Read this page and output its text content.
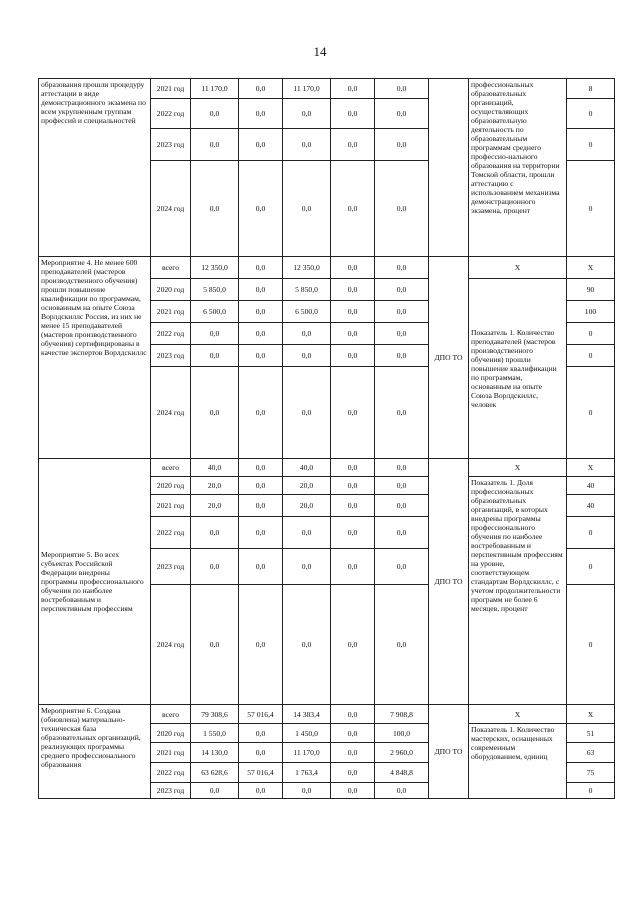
14
образования прошли процедуру аттестации в виде демонстрационного экзамена по всем укрупненным группам профессий и специальностей	2021 год	11 170,0	0,0	11 170,0	0,0	0,0		профессиональных образовательных организаций, осуществляющих образовательную деятельность по образовательным программам среднего профессио-нального образования на территории Томской области, прошли аттестацию с использованием механизма демонстрационного экзамена, процент	8
	2022 год	0,0	0,0	0,0	0,0	0,0			0
	2023 год	0,0	0,0	0,0	0,0	0,0			0
	2024 год	0,0	0,0	0,0	0,0	0,0			0
Мероприятие 4. Не менее 600 преподавателей (мастеров производственного обучения) прошли повышение квалификации по программам, основанным на опыте Союза Ворлдскиллс Россия, из них не менее 15 преподавателей (мастеров производственного обучения) сертифицированы в качестве экспертов Ворлдскиллс	всего	12 350,0	0,0	12 350,0	0,0	0,0	ДПО ТО	X	X
	2020 год	5 850,0	0,0	5 850,0	0,0	0,0		Показатель 1. Количество преподавателей (мастеров производственного обучения) прошли повышение квалификации по программам, основанным на опыте Союза Ворлдскиллс, человек	90
	2021 год	6 500,0	0,0	6 500,0	0,0	0,0			100
	2022 год	0,0	0,0	0,0	0,0	0,0			0
	2023 год	0,0	0,0	0,0	0,0	0,0			0
	2024 год	0,0	0,0	0,0	0,0	0,0			0
Мероприятие 5. Во всех субъектах Российской Федерации внедрены программы профессионального обучения по наиболее востребованным и перспективным профессиям	всего	40,0	0,0	40,0	0,0	0,0	ДПО ТО	X	X
	2020 год	20,0	0,0	20,0	0,0	0,0		Показатель 1. Доля профессиональных образовательных организаций, в которых внедрены программы профессионального обучения по наиболее востребованным и перспективным профессиям на уровне, соответствующем стандартам Ворлдскиллс, с учетом продолжительности программ не более 6 месяцев, процент	40
	2021 год	20,0	0,0	20,0	0,0	0,0			40
	2022 год	0,0	0,0	0,0	0,0	0,0			0
	2023 год	0,0	0,0	0,0	0,0	0,0			0
	2024 год	0,0	0,0	0,0	0,0	0,0			0
Мероприятие 6. Создана (обновлена) материально-техническая база образовательных организаций, реализующих программы среднего профессионального образования	всего	79 308,6	57 016,4	14 383,4	0,0	7 908,8	ДПО ТО	X	X
	2020 год	1 550,0	0,0	1 450,0	0,0	100,0		Показатель 1. Количество мастерских, оснащенных современным оборудованием, единиц	51
	2021 год	14 130,0	0,0	11 170,0	0,0	2 960,0			63
	2022 год	63 628,6	57 016,4	1 763,4	0,0	4 848,8			75
	2023 год	0,0	0,0	0,0	0,0	0,0			0
